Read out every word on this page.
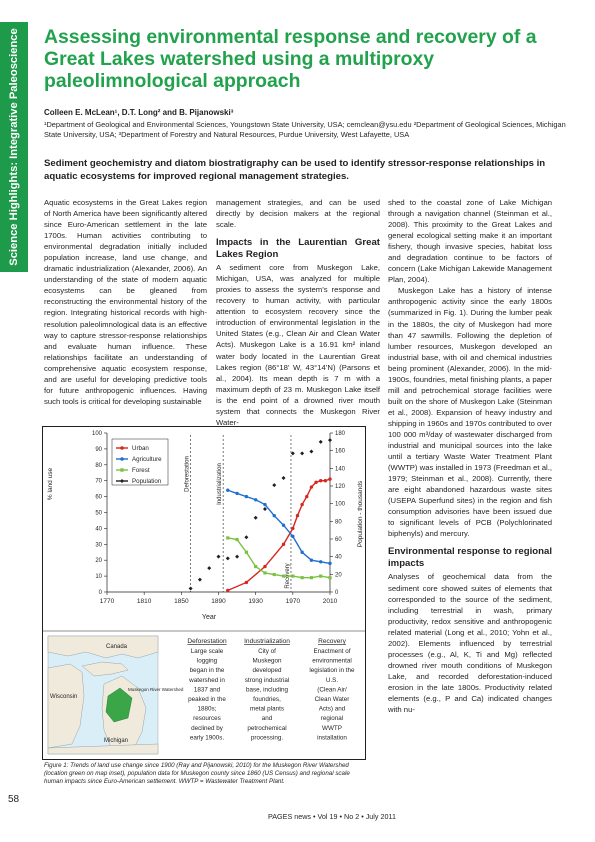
Science Highlights: Integrative Paleoscience Assessing environmental response and recovery of a Great Lakes watershed using a multiproxy paleolimnological approach
Colleen E. McLean¹, D.T. Long² and B. Pijanowski³
¹Department of Geological and Environmental Sciences, Youngstown State University, USA; cemclean@ysu.edu ²Department of Geological Sciences, Michigan State University, USA; ³Department of Forestry and Natural Resources, Purdue University, West Lafayette, USA
Sediment geochemistry and diatom biostratigraphy can be used to identify stressor-response relationships in aquatic ecosystems for improved regional management strategies.

Aquatic ecosystems in the Great Lakes region of North America have been significantly altered since Euro-American settlement in the late 1700s. Human activities contributing to environmental degradation initially included population increase, land use change, and dramatic industrialization (Alexander, 2006). An understanding of the state of modern aquatic ecosystems can be gleaned from reconstructing the environmental history of the region. Integrating historical records with high-resolution paleolimnological data is an effective way to capture stressor-response relationships and evaluate human influence. These relationships facilitate an understanding of comprehensive aquatic ecosystem response, and are useful for developing predictive tools for future anthropogenic influences. Having such tools is critical for developing sustainable

management strategies, and can be used directly by decision makers at the regional scale.

Impacts in the Laurentian Great Lakes Region

A sediment core from Muskegon Lake, Michigan, USA, was analyzed for multiple proxies to assess the system’s response and recovery to human activity, with particular attention to ecosystem recovery since the introduction of environmental legislation in the United States (e.g., Clean Air and Clean Water Acts). Muskegon Lake is a 16.91 km² inland water body located in the Laurentian Great Lakes region (86°18’ W, 43°14’N) (Parsons et al., 2004). Its mean depth is 7 m with a maximum depth of 23 m. Muskegon Lake itself is the end point of a drowned river mouth system that connects the Muskegon River Water-

shed to the coastal zone of Lake Michigan through a navigation channel (Steinman et al., 2008). This proximity to the Great Lakes and general ecological setting make it an important fishery, though invasive species, habitat loss and degradation continue to be factors of concern (Lake Michigan Lakewide Management Plan, 2004).

Muskegon Lake has a history of intense anthropogenic activity since the early 1800s (summarized in Fig. 1). During the lumber peak in the 1880s, the city of Muskegon had more than 47 sawmills. Following the depletion of lumber resources, Muskegon developed an industrial base, with oil and chemical industries being prominent (Alexander, 2006). In the mid-1900s, foundries, metal finishing plants, a paper mill and petrochemical storage facilities were built on the shore of Muskegon Lake (Steinman et al., 2008). Expansion of heavy industry and shipping in 1960s and 1970s contributed to over 100 000 m³/day of wastewater discharged from industrial and municipal sources into the lake until a tertiary Waste Water Treatment Plant (WWTP) was installed in 1973 (Freedman et al., 1979; Steinman et al., 2008). Currently, there are eight abandoned hazardous waste sites (USEPA Superfund sites) in the region and fish consumption advisories have been issued due to significant levels of PCB (Polychlorinated biphenyls) and mercury.

Environmental response to regional impacts

Analyses of geochemical data from the sediment core showed suites of elements that corresponded to the source of the sediment, including terrestrial in wash, primary productivity, redox sensitive and anthropogenic related material (Long et al., 2010; Yohn et al., 2002). Elements influenced by terrestrial processes (e.g., Al, K, Ti and Mg) reflected drowned river mouth conditions of Muskegon Lake, and recorded deforestation-induced erosion in the late 1800s. Productivity related elements (e.g., P and Ca) indicated changes with nu-

% land use	Population - thousands
Year
0
10
20
30
40
50
60
70
80
90
100
0
20
40
60
80
100
120
140
160
180
1770	1810	1850	1890	1930	1970	2010
Deforestation	Industrialization
Recovery
Urban
Agriculture
Forest
Population
Canada
Wisconsin
Michigan
Muskegon River Watershed
Deforestation
Large scale
logging
began in the
watershed in
1837 and
peaked in the
1880s;
resources
declined by
early 1900s.
Industrialization
City of
Muskegon
developed
strong industrial
base, including
foundries,
metal plants
and
petrochemical
processing.
Recovery
Enactment of
environmental
legislation in the
U.S.
(Clean Air/
Clean Water
Acts) and
regional
WWTP
installation
Figure 1: Trends of land use change since 1900 (Ray and Pijanowski, 2010) for the Muskegon River Watershed (location green on map inset), population data for Muskegon county since 1860 (US Census) and regional scale human impacts since Euro-American settlement. WWTP = Wastewater Treatment Plant.
58
PAGES news • Vol 19 • No 2 • July 2011
